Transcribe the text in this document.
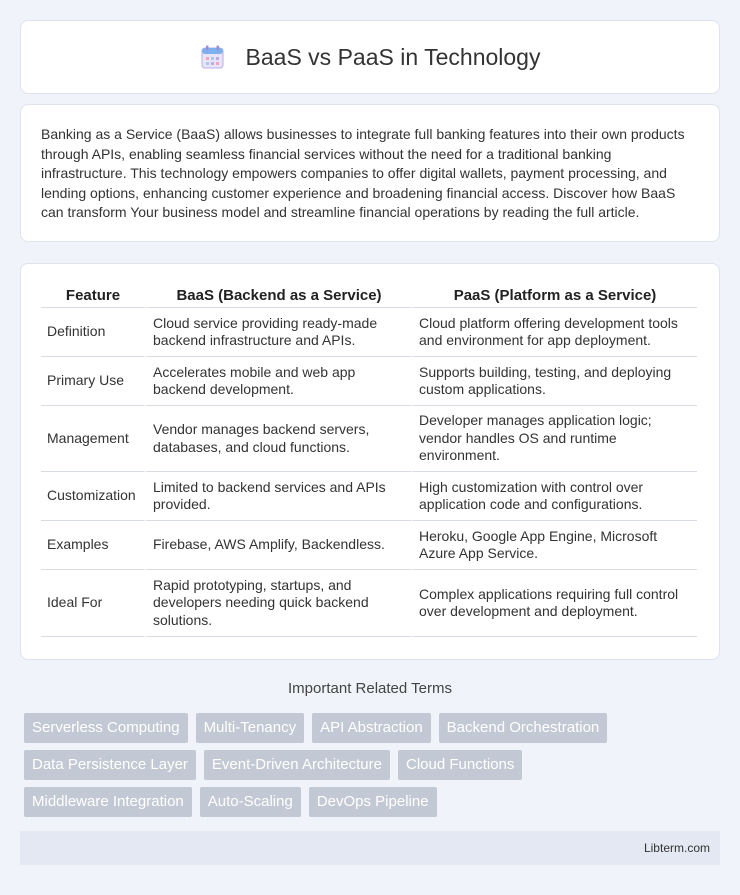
BaaS vs PaaS in Technology

Banking as a Service (BaaS) allows businesses to integrate full banking features into their own products through APIs, enabling seamless financial services without the need for a traditional banking infrastructure. This technology empowers companies to offer digital wallets, payment processing, and lending options, enhancing customer experience and broadening financial access. Discover how BaaS can transform Your business model and streamline financial operations by reading the full article.

Feature	BaaS (Backend as a Service)	PaaS (Platform as a Service)
Definition	Cloud service providing ready-made backend infrastructure and APIs.	Cloud platform offering development tools and environment for app deployment.
Primary Use	Accelerates mobile and web app backend development.	Supports building, testing, and deploying custom applications.
Management	Vendor manages backend servers, databases, and cloud functions.	Developer manages application logic; vendor handles OS and runtime environment.
Customization	Limited to backend services and APIs provided.	High customization with control over application code and configurations.
Examples	Firebase, AWS Amplify, Backendless.	Heroku, Google App Engine, Microsoft Azure App Service.
Ideal For	Rapid prototyping, startups, and developers needing quick backend solutions.	Complex applications requiring full control over development and deployment.
Important Related Terms
Serverless Computing	Multi-Tenancy	API Abstraction	Backend Orchestration
Data Persistence Layer	Event-Driven Architecture	Cloud Functions
Middleware Integration	Auto-Scaling	DevOps Pipeline
Libterm.com
